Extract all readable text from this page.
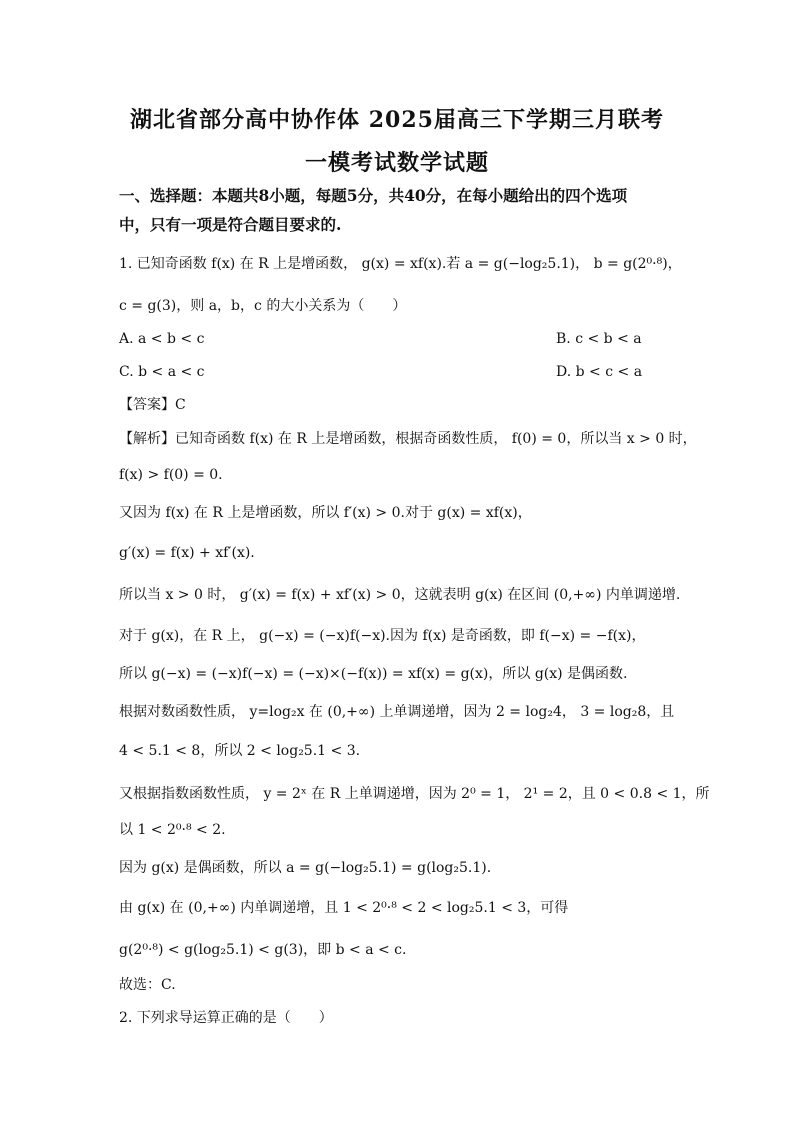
湖北省部分高中协作体 2025届高三下学期三月联考
一模考试数学试题
一、选择题：本题共8小题，每题5分，共40分，在每小题给出的四个选项
中，只有一项是符合题目要求的.
1. 已知奇函数 f(x) 在 R 上是增函数， g(x) = xf(x).若 a = g(−log₂5.1)， b = g(2⁰·⁸)，
c = g(3)，则 a，b，c 的大小关系为（　　）
A. a < b < c	B. c < b < a
C. b < a < c	D. b < c < a
【答案】C
【解析】已知奇函数 f(x) 在 R 上是增函数，根据奇函数性质， f(0) = 0，所以当 x > 0 时，
f(x) > f(0) = 0.
又因为 f(x) 在 R 上是增函数，所以 f′(x) > 0.对于 g(x) = xf(x)，
g′(x) = f(x) + xf′(x).
所以当 x > 0 时， g′(x) = f(x) + xf′(x) > 0，这就表明 g(x) 在区间 (0,+∞) 内单调递增.
对于 g(x)，在 R 上， g(−x) = (−x)f(−x).因为 f(x) 是奇函数，即 f(−x) = −f(x)，
所以 g(−x) = (−x)f(−x) = (−x)×(−f(x)) = xf(x) = g(x)，所以 g(x) 是偶函数.
根据对数函数性质， y=log₂x 在 (0,+∞) 上单调递增，因为 2 = log₂4， 3 = log₂8，且
4 < 5.1 < 8，所以 2 < log₂5.1 < 3.
又根据指数函数性质， y = 2ˣ 在 R 上单调递增，因为 2⁰ = 1， 2¹ = 2，且 0 < 0.8 < 1，所
以 1 < 2⁰·⁸ < 2.
因为 g(x) 是偶函数，所以 a = g(−log₂5.1) = g(log₂5.1).
由 g(x) 在 (0,+∞) 内单调递增，且 1 < 2⁰·⁸ < 2 < log₂5.1 < 3，可得
g(2⁰·⁸) < g(log₂5.1) < g(3)，即 b < a < c.
故选：C.
2. 下列求导运算正确的是（　　）
